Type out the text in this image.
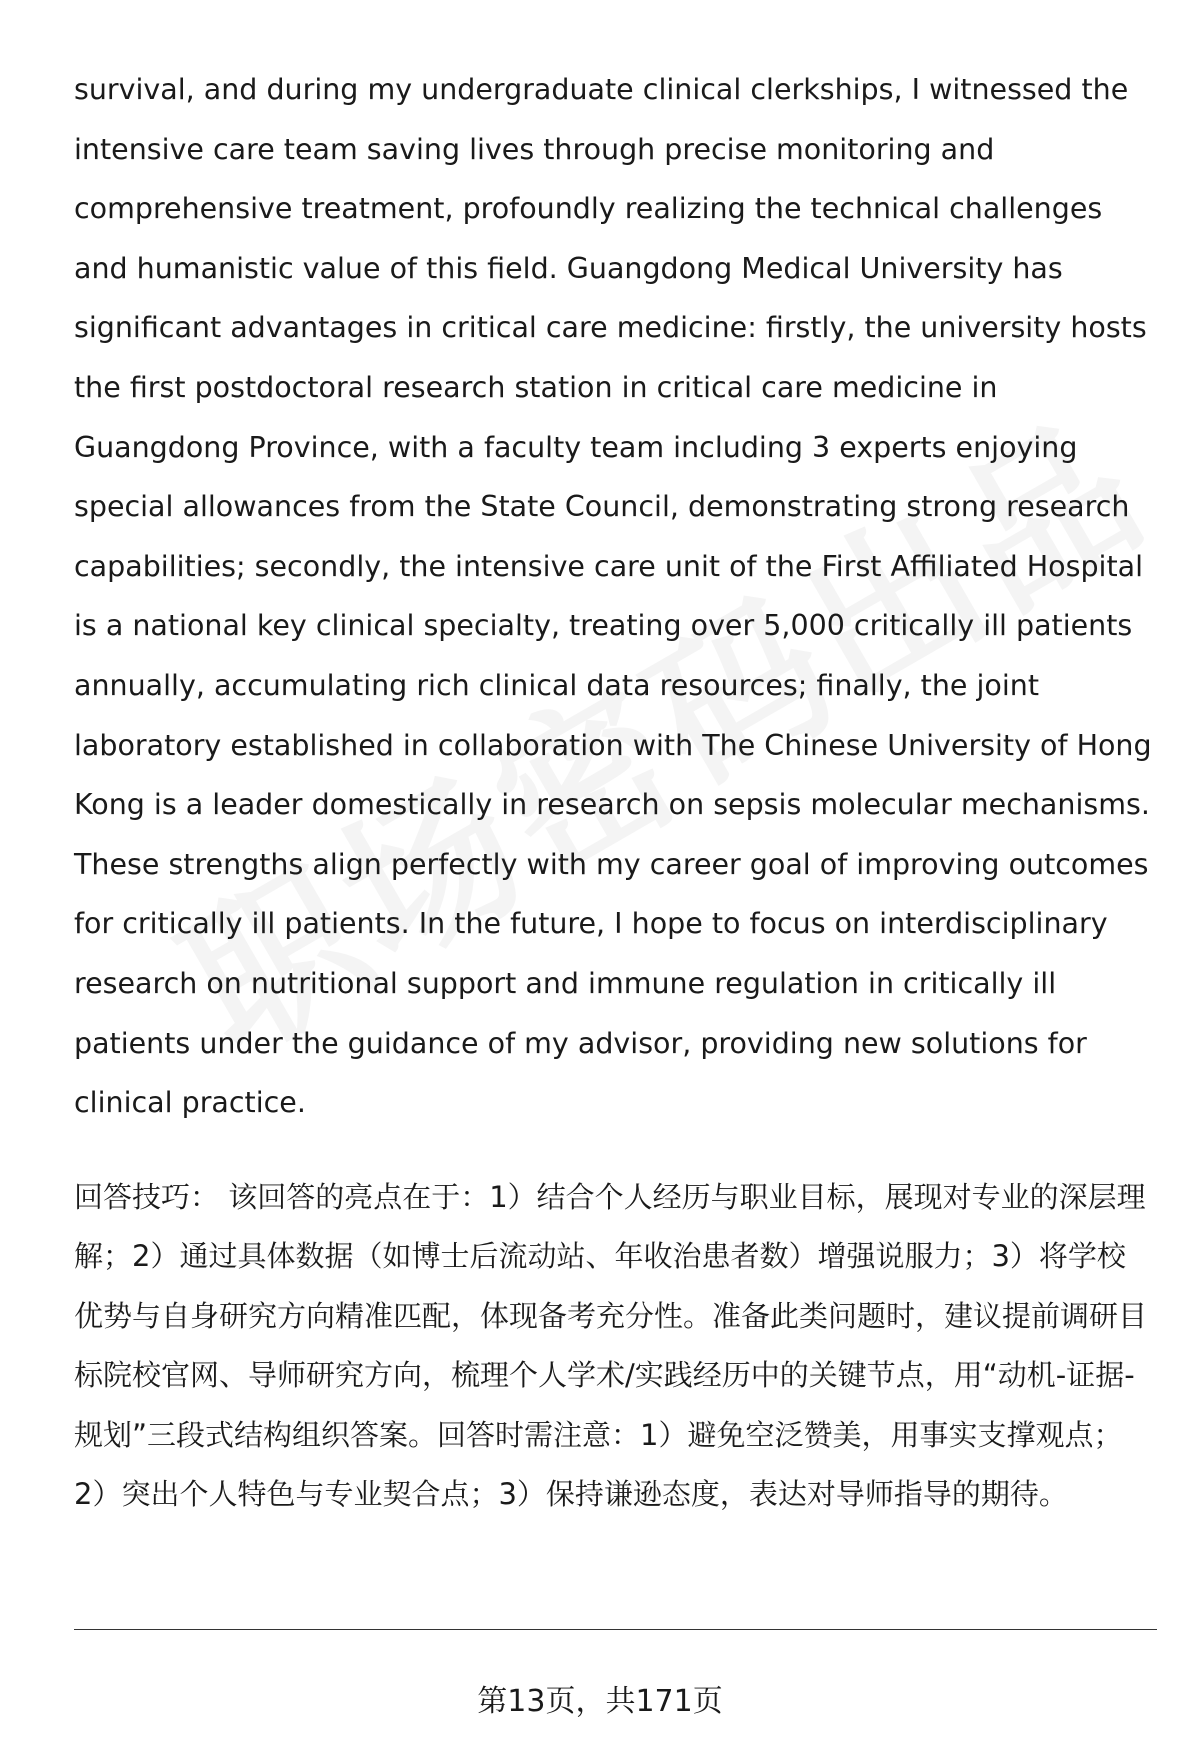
survival, and during my undergraduate clinical clerkships, I witnessed the intensive care team saving lives through precise monitoring and comprehensive treatment, profoundly realizing the technical challenges and humanistic value of this field. Guangdong Medical University has significant advantages in critical care medicine: firstly, the university hosts the first postdoctoral research station in critical care medicine in Guangdong Province, with a faculty team including 3 experts enjoying special allowances from the State Council, demonstrating strong research capabilities; secondly, the intensive care unit of the First Affiliated Hospital is a national key clinical specialty, treating over 5,000 critically ill patients annually, accumulating rich clinical data resources; finally, the joint laboratory established in collaboration with The Chinese University of Hong Kong is a leader domestically in research on sepsis molecular mechanisms. These strengths align perfectly with my career goal of improving outcomes for critically ill patients. In the future, I hope to focus on interdisciplinary research on nutritional support and immune regulation in critically ill patients under the guidance of my advisor, providing new solutions for clinical practice.

回答技巧： 该回答的亮点在于：1）结合个人经历与职业目标，展现对专业的深层理解；2）通过具体数据（如博士后流动站、年收治患者数）增强说服力；3）将学校优势与自身研究方向精准匹配，体现备考充分性。准备此类问题时，建议提前调研目标院校官网、导师研究方向，梳理个人学术/实践经历中的关键节点，用“动机-证据-规划”三段式结构组织答案。回答时需注意：1）避免空泛赞美，用事实支撑观点；2）突出个人特色与专业契合点；3）保持谦逊态度，表达对导师指导的期待。

第13页，共171页
